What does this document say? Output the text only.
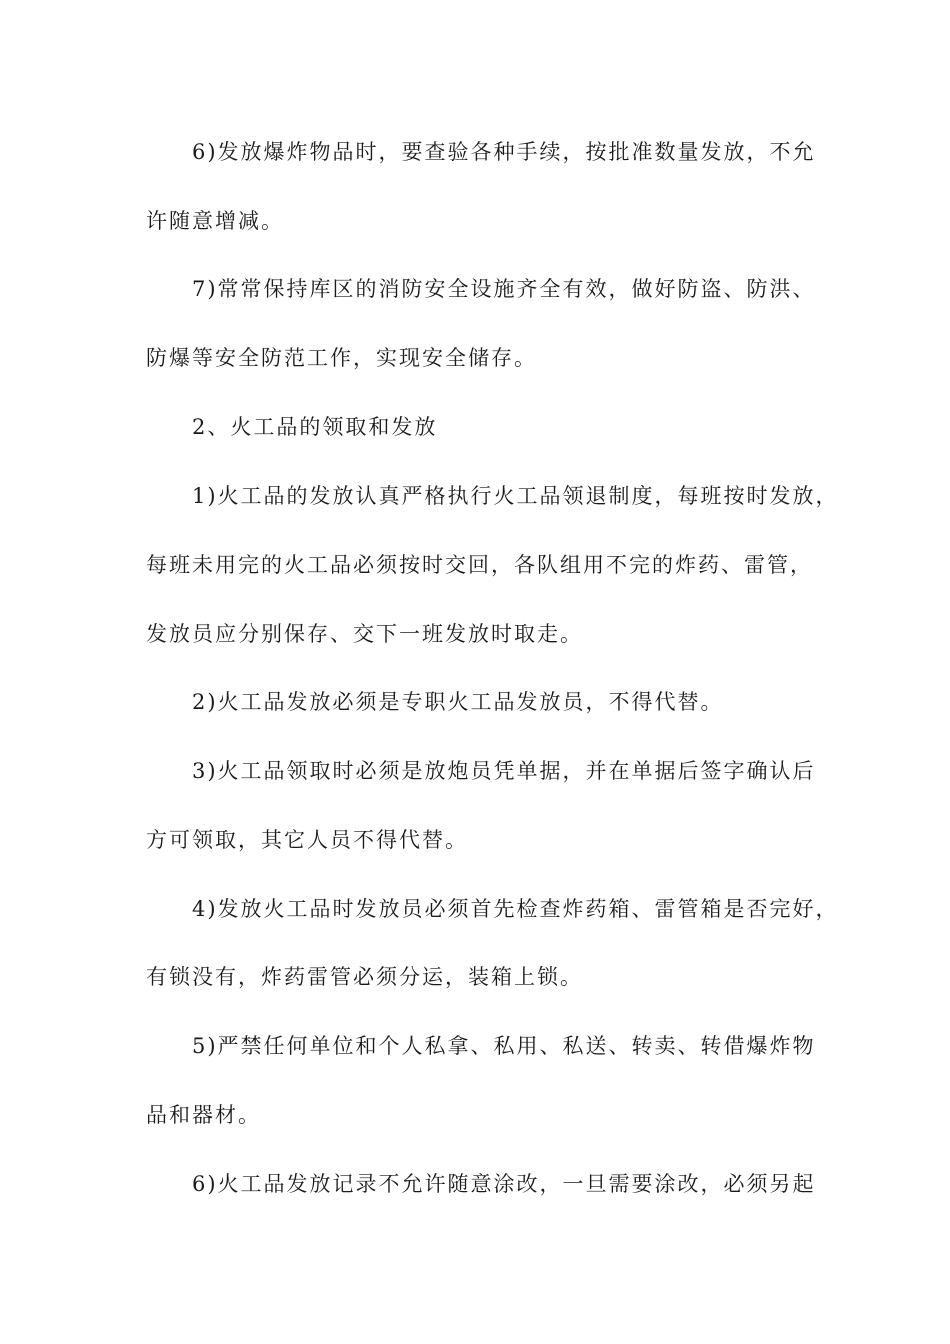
6)发放爆炸物品时，要查验各种手续，按批准数量发放，不允

许随意增减。

7)常常保持库区的消防安全设施齐全有效，做好防盗、防洪、

防爆等安全防范工作，实现安全储存。

2、火工品的领取和发放

1)火工品的发放认真严格执行火工品领退制度，每班按时发放，

每班未用完的火工品必须按时交回，各队组用不完的炸药、雷管，

发放员应分别保存、交下一班发放时取走。

2)火工品发放必须是专职火工品发放员，不得代替。

3)火工品领取时必须是放炮员凭单据，并在单据后签字确认后

方可领取，其它人员不得代替。

4)发放火工品时发放员必须首先检查炸药箱、雷管箱是否完好，

有锁没有，炸药雷管必须分运，装箱上锁。

5)严禁任何单位和个人私拿、私用、私送、转卖、转借爆炸物

品和器材。

6)火工品发放记录不允许随意涂改，一旦需要涂改，必须另起
